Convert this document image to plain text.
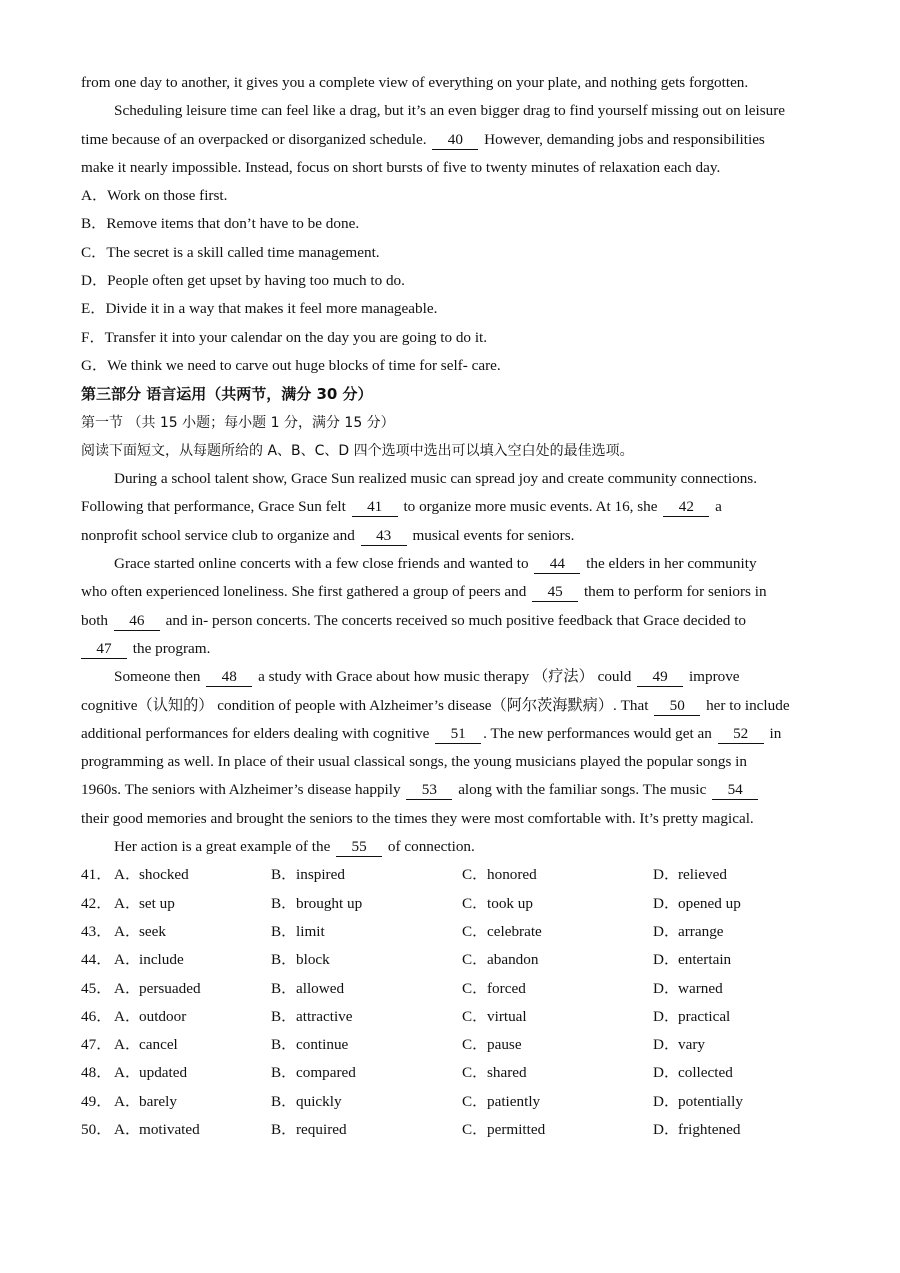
from one day to another, it gives you a complete view of everything on your plate, and nothing gets forgotten.
Scheduling leisure time can feel like a drag, but it’s an even bigger drag to find yourself missing out on leisure
time because of an overpacked or disorganized schedule. 40 However, demanding jobs and responsibilities
make it nearly impossible. Instead, focus on short bursts of five to twenty minutes of relaxation each day.
A．Work on those first.
B．Remove items that don’t have to be done.
C．The secret is a skill called time management.
D．People often get upset by having too much to do.
E．Divide it in a way that makes it feel more manageable.
F．Transfer it into your calendar on the day you are going to do it.
G．We think we need to carve out huge blocks of time for self- care.
第三部分 语言运用（共两节，满分 30 分）
第一节 （共 15 小题；每小题 1 分，满分 15 分）
阅读下面短文，从每题所给的 A、B、C、D 四个选项中选出可以填入空白处的最佳选项。
During a school talent show, Grace Sun realized music can spread joy and create community connections.
Following that performance, Grace Sun felt 41 to organize more music events. At 16, she 42 a
nonprofit school service club to organize and 43 musical events for seniors.
Grace started online concerts with a few close friends and wanted to 44 the elders in her community
who often experienced loneliness. She first gathered a group of peers and 45 them to perform for seniors in
both 46 and in- person concerts. The concerts received so much positive feedback that Grace decided to
47 the program.
Someone then 48 a study with Grace about how music therapy （疗法） could 49 improve
cognitive（认知的） condition of people with Alzheimer’s disease（阿尔茨海默病）. That 50 her to include
additional performances for elders dealing with cognitive 51 . The new performances would get an 52 in
programming as well. In place of their usual classical songs, the young musicians played the popular songs in
1960s. The seniors with Alzheimer’s disease happily 53 along with the familiar songs. The music 54
their good memories and brought the seniors to the times they were most comfortable with. It’s pretty magical.
Her action is a great example of the 55 of connection.
41． A．shocked	B．inspired	C．honored	D．relieved
42． A．set up	B．brought up	C．took up	D．opened up
43． A．seek	B．limit	C．celebrate	D．arrange
44． A．include	B．block	C．abandon	D．entertain
45． A．persuaded	B．allowed	C．forced	D．warned
46． A．outdoor	B．attractive	C．virtual	D．practical
47． A．cancel	B．continue	C．pause	D．vary
48． A．updated	B．compared	C．shared	D．collected
49． A．barely	B．quickly	C．patiently	D．potentially
50． A．motivated	B．required	C．permitted	D．frightened
